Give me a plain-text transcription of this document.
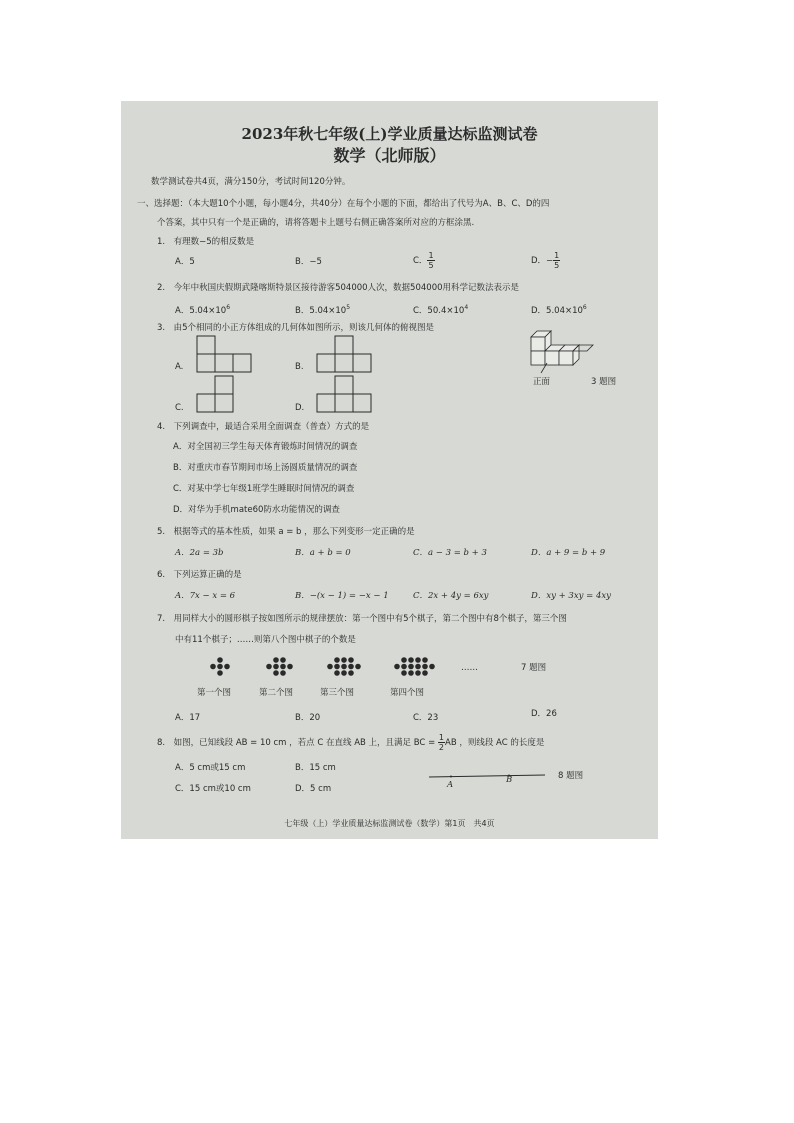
2023年秋七年级(上)学业质量达标监测试卷
数学（北师版）
数学测试卷共4页，满分150分，考试时间120分钟。
一、选择题：（本大题10个小题，每小题4分，共40分）在每个小题的下面，都给出了代号为A、B、C、D的四
个答案，其中只有一个是正确的，请将答题卡上题号右侧正确答案所对应的方框涂黑.
1.　有理数−5的相反数是
A．5	B．−5	C． $\frac{1}{5}$	D．− $\frac{1}{5}$
2.　今年中秋国庆假期武隆喀斯特景区接待游客504000人次，数据504000用科学记数法表示是
A．$5.04\times 10^6$	B．$5.04\times 10^5$	C．$50.4\times 10^4$	D．$5.04\times 10^6$
3.　由5个相同的小正方体组成的几何体如图所示，则该几何体的俯视图是
A.	B.
C.	D.
正面	3 题图
4.　下列调查中，最适合采用全面调查（普查）方式的是
A．对全国初三学生每天体育锻炼时间情况的调查
B．对重庆市春节期间市场上汤圆质量情况的调查
C．对某中学七年级1班学生睡眠时间情况的调查
D．对华为手机mate60防水功能情况的调查
5.　根据等式的基本性质，如果 a = b ，那么下列变形一定正确的是
A．2a = 3b	B．a + b = 0	C．a − 3 = b + 3	D．a + 9 = b + 9
6.　下列运算正确的是
A．7x − x = 6	B．−(x − 1) = −x − 1	C．2x + 4y = 6xy	D．xy + 3xy = 4xy
7.　用同样大小的圆形棋子按如图所示的规律摆放：第一个图中有5个棋子，第二个图中有8个棋子，第三个图
中有11个棋子；……则第八个图中棋子的个数是
……	7 题图
第一个图	第二个图	第三个图	第四个图
A．17	B．20	C．23	D．26
8.　如图，已知线段 AB = 10 cm ，若点 C 在直线 AB 上，且满足 BC = $\frac{1}{2}$ AB ，则线段 AC 的长度是
A．5 cm或15 cm	B．15 cm
C．15 cm或10 cm	D．5 cm	A	B	8 题图
七年级（上）学业质量达标监测试卷（数学）第1页　共4页
